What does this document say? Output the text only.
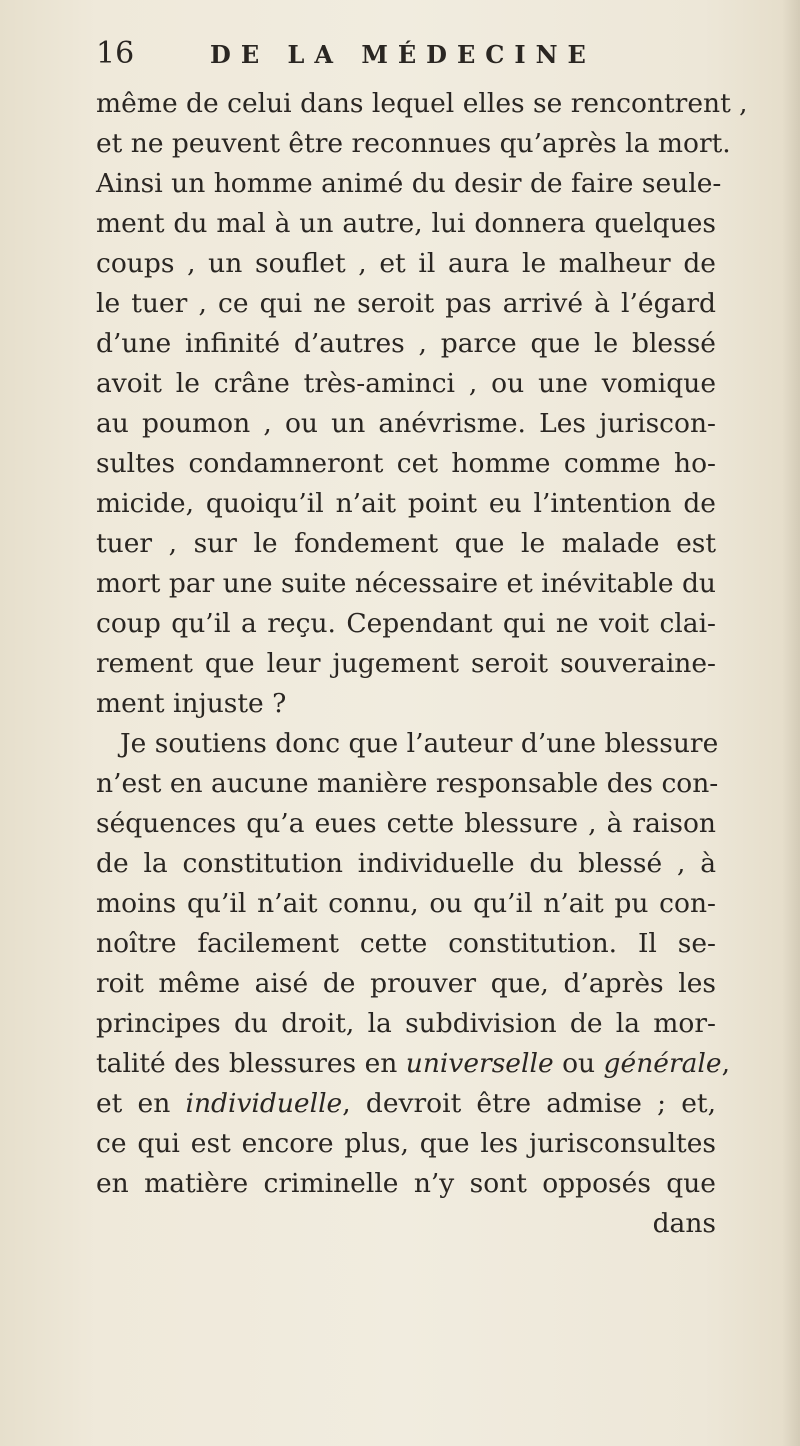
16	DE LA MÉDECINE
même de celui dans lequel elles se rencontrent ,
et ne peuvent être reconnues qu’après la mort.
Ainsi un homme animé du desir de faire seule-
ment du mal à un autre, lui donnera quelques
coups , un souflet , et il aura le malheur de
le tuer , ce qui ne seroit pas arrivé à l’égard
d’une infinité d’autres , parce que le blessé
avoit le crâne très-aminci , ou une vomique
au poumon , ou un anévrisme. Les juriscon-
sultes condamneront cet homme comme ho-
micide, quoiqu’il n’ait point eu l’intention de
tuer , sur le fondement que le malade est
mort par une suite nécessaire et inévitable du
coup qu’il a reçu. Cependant qui ne voit clai-
rement que leur jugement seroit souveraine-
ment injuste ?
Je soutiens donc que l’auteur d’une blessure
n’est en aucune manière responsable des con-
séquences qu’a eues cette blessure , à raison
de la constitution individuelle du blessé , à
moins qu’il n’ait connu, ou qu’il n’ait pu con-
noître facilement cette constitution. Il se-
roit même aisé de prouver que, d’après les
principes du droit, la subdivision de la mor-
talité des blessures en universelle ou générale,
et en individuelle, devroit être admise ; et,
ce qui est encore plus, que les jurisconsultes
en matière criminelle n’y sont opposés que
dans
